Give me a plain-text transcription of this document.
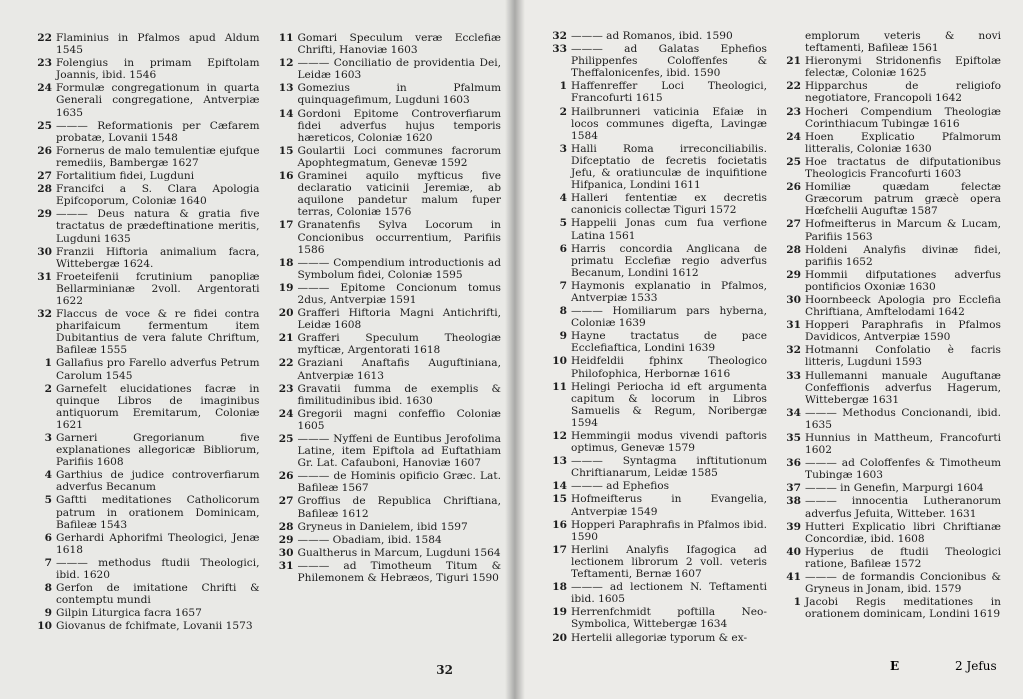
22 Flaminius in Pfalmos apud Aldum 1545
23 Folengius in primam Epiftolam Joannis, ibid. 1546
24 Formulæ congregationum in quarta Generali congregatione, Antverpiæ 1635
25 ——— Reformationis per Cæfarem probatæ, Lovanii 1548
26 Fornerus de malo temulentiæ ejufque remediis, Bambergæ 1627
27 Fortalitium fidei, Lugduni
28 Francifci a S. Clara Apologia Epifcoporum, Coloniæ 1640
29 ——— Deus natura & gratia five tractatus de prædeftinatione meritis, Lugduni 1635
30 Franzii Hiftoria animalium facra, Wittebergæ 1624.
31 Froeteifenii fcrutinium panopliæ Bellarminianæ 2voll. Argentorati 1622
32 Flaccus de voce & re fidei contra pharifaicum fermentum item Dubitantius de vera falute Chriftum, Bafileæ 1555
1 Gallafius pro Farello adverfus Petrum Carolum 1545
2 Garnefelt elucidationes facræ in quinque Libros de imaginibus antiquorum Eremitarum, Coloniæ 1621
3 Garneri Gregorianum five explanationes allegoricæ Bibliorum, Parifiis 1608
4 Garthius de judice controverfiarum adverfus Becanum
5 Gaftti meditationes Catholicorum patrum in orationem Dominicam, Bafileæ 1543
6 Gerhardi Aphorifmi Theologici, Jenæ 1618
7 ——— methodus ftudii Theologici, ibid. 1620
8 Gerfon de imitatione Chrifti & contemptu mundi
9 Gilpin Liturgica facra 1657
10 Giovanus de fchifmate, Lovanii 1573
11 Gomari Speculum veræ Ecclefiæ Chrifti, Hanoviæ 1603
12 ——— Conciliatio de providentia Dei, Leidæ 1603
13 Gomezius in Pfalmum quinquagefimum, Lugduni 1603
14 Gordoni Epitome Controverfiarum fidei adverfus hujus temporis hæreticos, Coloniæ 1620
15 Goulartii Loci communes facrorum Apophtegmatum, Genevæ 1592
16 Graminei aquilo myfticus five declaratio vaticinii Jeremiæ, ab aquilone pandetur malum fuper terras, Coloniæ 1576
17 Granatenfis Sylva Locorum in Concionibus occurrentium, Parifiis 1586
18 ——— Compendium introductionis ad Symbolum fidei, Coloniæ 1595
19 ——— Epitome Concionum tomus 2dus, Antverpiæ 1591
20 Grafferi Hiftoria Magni Antichrifti, Leidæ 1608
21 Grafferi Speculum Theologiæ myfticæ, Argentorati 1618
22 Graziani Anaftafis Auguftiniana, Antverpiæ 1613
23 Gravatii fumma de exemplis & fimilitudinibus ibid. 1630
24 Gregorii magni confeffio Coloniæ 1605
25 ——— Nyffeni de Euntibus Jerofolima Latine, item Epiftola ad Euftathiam Gr. Lat. Cafauboni, Hanoviæ 1607
26 ——— de Hominis opificio Græc. Lat. Bafileæ 1567
27 Groffius de Republica Chriftiana, Bafileæ 1612
28 Gryneus in Danielem, ibid 1597
29 ——— Obadiam, ibid. 1584
30 Gualtherus in Marcum, Lugduni 1564
31 ——— ad Timotheum Titum & Philemonem & Hebræos, Tiguri 1590
32
32 ——— ad Romanos, ibid. 1590
33 ——— ad Galatas Ephefios Philippenfes Coloffenfes & Theffalonicenfes, ibid. 1590
1 Haffenreffer Loci Theologici, Francofurti 1615
2 Hailbrunneri vaticinia Efaiæ in locos communes digefta, Lavingæ 1584
3 Halli Roma irreconciliabilis. Difceptatio de fecretis focietatis Jefu, & oratiunculæ de inquifitione Hifpanica, Londini 1611
4 Halleri fententiæ ex decretis canonicis collectæ Tiguri 1572
5 Happelii Jonas cum fua verfione Latina 1561
6 Harris concordia Anglicana de primatu Ecclefiæ regio adverfus Becanum, Londini 1612
7 Haymonis explanatio in Pfalmos, Antverpiæ 1533
8 ——— Homiliarum pars hyberna, Coloniæ 1639
9 Hayne tractatus de pace Ecclefiaftica, Londini 1639
10 Heidfeldii fphinx Theologico Philofophica, Herbornæ 1616
11 Helingi Periocha id eft argumenta capitum & locorum in Libros Samuelis & Regum, Noribergæ 1594
12 Hemmingii modus vivendi paftoris optimus, Genevæ 1579
13 ——— Syntagma inftitutionum Chriftianarum, Leidæ 1585
14 ——— ad Ephefios
15 Hofmeifterus in Evangelia, Antverpiæ 1549
16 Hopperi Paraphrafis in Pfalmos ibid. 1590
17 Herlini Analyfis Ifagogica ad lectionem librorum 2 voll. veteris Teftamenti, Bernæ 1607
18 ——— ad lectionem N. Teftamenti ibid. 1605
19 Herrenfchmidt poftilla Neo-Symbolica, Wittebergæ 1634
20 Hertelii allegoriæ typorum & ex-
emplorum veteris & novi teftamenti, Bafileæ 1561
21 Hieronymi Stridonenfis Epiftolæ felectæ, Coloniæ 1625
22 Hipparchus de religiofo negotiatore, Francopoli 1642
23 Hocheri Compendium Theologiæ Corinthiacum Tubingæ 1616
24 Hoen Explicatio Pfalmorum litteralis, Coloniæ 1630
25 Hoe tractatus de difputationibus Theologicis Francofurti 1603
26 Homiliæ quædam felectæ Græcorum patrum græcè opera Hœfchelii Auguftæ 1587
27 Hofmeifterus in Marcum & Lucam, Parifiis 1563
28 Holdeni Analyfis divinæ fidei, parifiis 1652
29 Hommii difputationes adverfus pontificios Oxoniæ 1630
30 Hoornbeeck Apologia pro Ecclefia Chriftiana, Amftelodami 1642
31 Hopperi Paraphrafis in Pfalmos Davidicos, Antverpiæ 1590
32 Hotmanni Confolatio è facris litteris, Lugduni 1593
33 Hullemanni manuale Auguftanæ Confeffionis adverfus Hagerum, Wittebergæ 1631
34 ——— Methodus Concionandi, ibid. 1635
35 Hunnius in Mattheum, Francofurti 1602
36 ——— ad Coloffenfes & Timotheum Tubingæ 1603
37 ——— in Genefin, Marpurgi 1604
38 ——— innocentia Lutheranorum adverfus Jefuita, Witteber. 1631
39 Hutteri Explicatio libri Chriftianæ Concordiæ, ibid. 1608
40 Hyperius de ftudii Theologici ratione, Bafileæ 1572
41 ——— de formandis Concionibus & Gryneus in Jonam, ibid. 1579
1 Jacobi Regis meditationes in orationem dominicam, Londini 1619
E	2 Jefus
